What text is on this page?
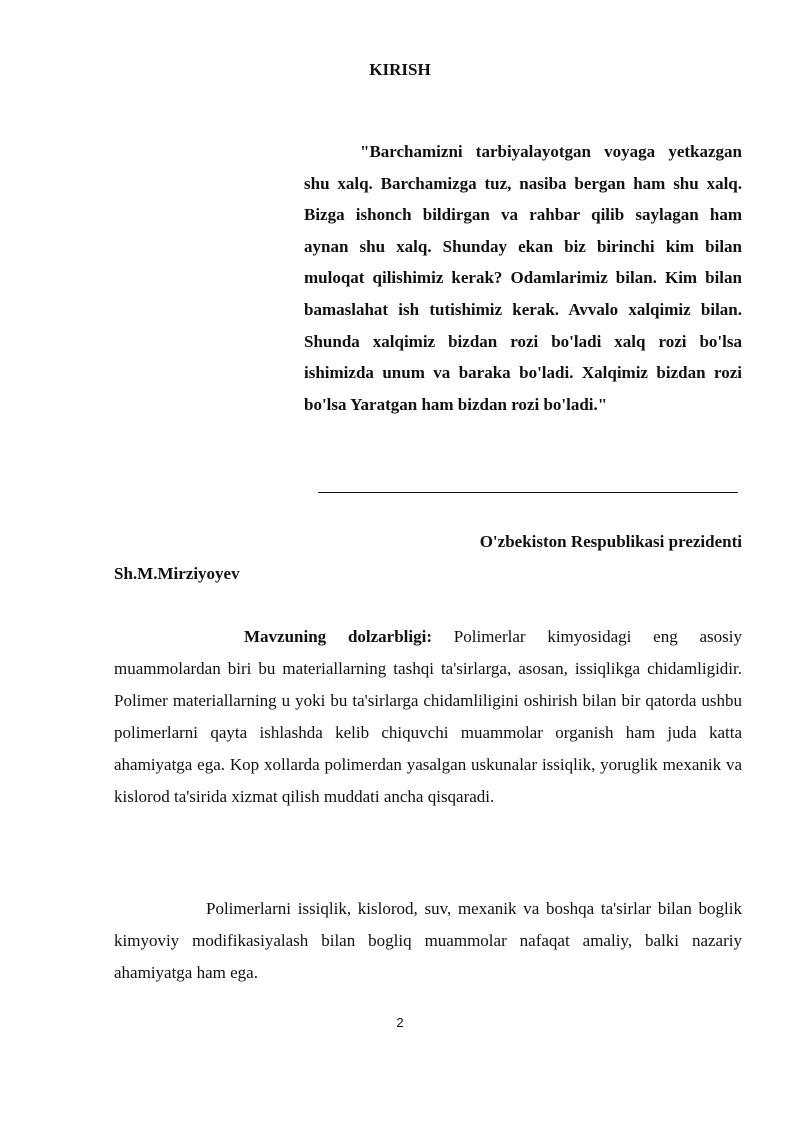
KIRISH

"Barchamizni tarbiyalayotgan voyaga yetkazgan shu xalq. Barchamizga tuz, nasiba bergan ham shu xalq. Bizga ishonch bildirgan va rahbar qilib saylagan ham aynan shu xalq. Shunday ekan biz birinchi kim bilan muloqat qilishimiz kerak? Odamlarimiz bilan. Kim bilan bamaslahat ish tutishimiz kerak. Avvalo xalqimiz bilan. Shunda xalqimiz bizdan rozi bo'ladi xalq rozi bo'lsa ishimizda unum va baraka bo'ladi. Xalqimiz bizdan rozi bo'lsa Yaratgan ham bizdan rozi bo'ladi."

O'zbekiston Respublikasi prezidenti
Sh.M.Mirziyoyev

Mavzuning dolzarbligi: Polimerlar kimyosidagi eng asosiy muammolardan biri bu materiallarning tashqi ta'sirlarga, asosan, issiqlikga chidamligidir. Polimer materiallarning u yoki bu ta'sirlarga chidamliligini oshirish bilan bir qatorda ushbu polimerlarni qayta ishlashda kelib chiquvchi muammolar organish ham juda katta ahamiyatga ega. Kop xollarda polimerdan yasalgan uskunalar issiqlik, yoruglik mexanik va kislorod ta'sirida xizmat qilish muddati ancha qisqaradi.

Polimerlarni issiqlik, kislorod, suv, mexanik va boshqa ta'sirlar bilan boglik kimyoviy modifikasiyalash bilan bogliq muammolar nafaqat amaliy, balki nazariy ahamiyatga ham ega.

2
